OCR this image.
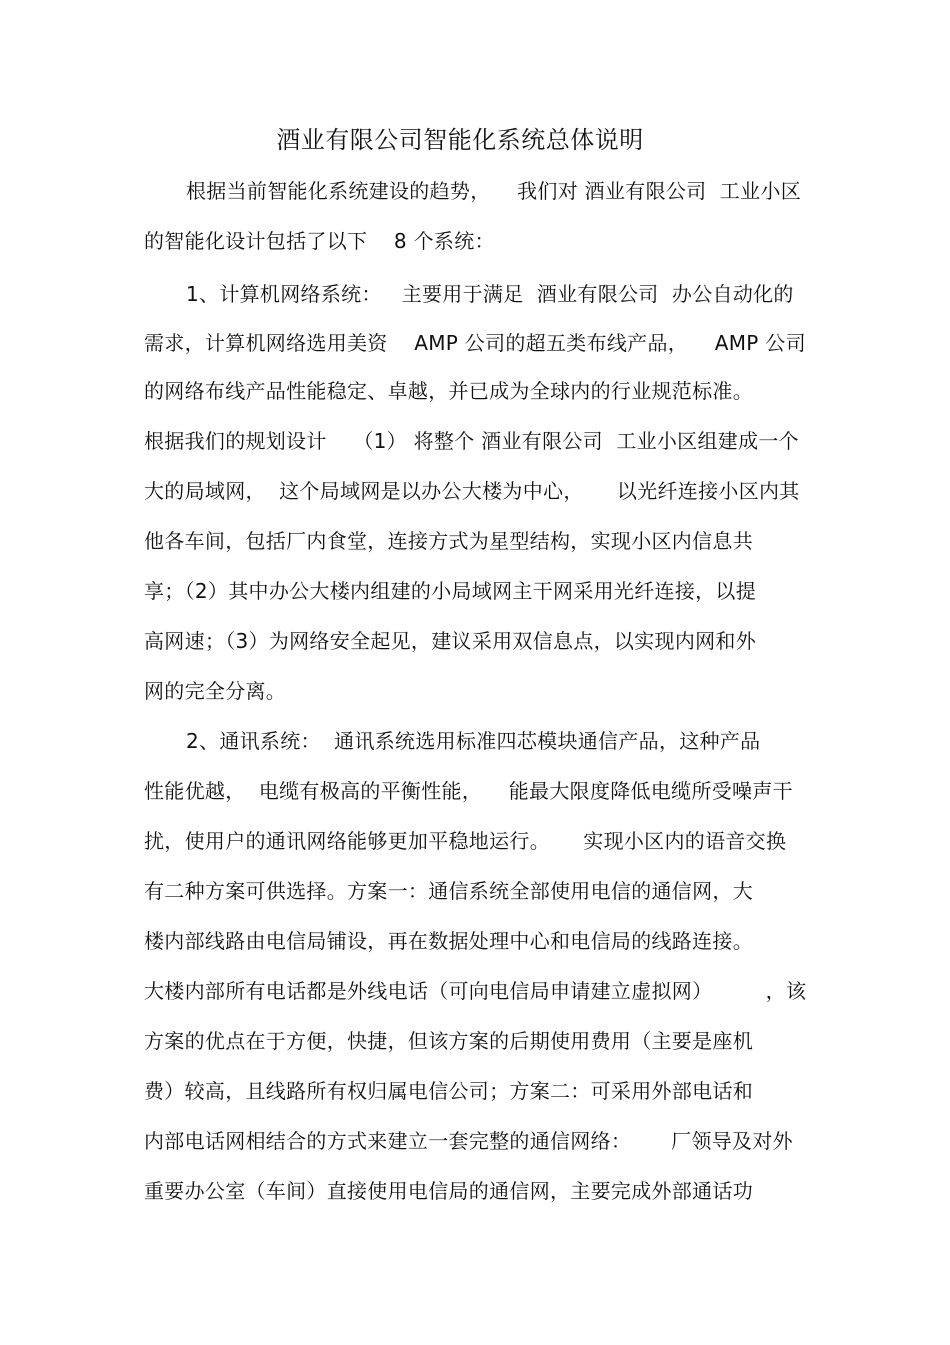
酒业有限公司智能化系统总体说明
根据当前智能化系统建设的趋势，    我们对 酒业有限公司  工业小区
的智能化设计包括了以下    8 个系统：
1、计算机网络系统：   主要用于满足  酒业有限公司  办公自动化的
需求，计算机网络选用美资    AMP 公司的超五类布线产品，    AMP 公司
的网络布线产品性能稳定、卓越，并已成为全球内的行业规范标准。
根据我们的规划设计    （1） 将整个 酒业有限公司  工业小区组建成一个
大的局域网，  这个局域网是以办公大楼为中心，     以光纤连接小区内其
他各车间，包括厂内食堂，连接方式为星型结构，实现小区内信息共
享；（2）其中办公大楼内组建的小局域网主干网采用光纤连接，以提
高网速；（3）为网络安全起见，建议采用双信息点，以实现内网和外
网的完全分离。
2、通讯系统：  通讯系统选用标准四芯模块通信产品，这种产品
性能优越，  电缆有极高的平衡性能，    能最大限度降低电缆所受噪声干
扰，使用户的通讯网络能够更加平稳地运行。     实现小区内的语音交换
有二种方案可供选择。方案一：通信系统全部使用电信的通信网，大
楼内部线路由电信局铺设，再在数据处理中心和电信局的线路连接。
大楼内部所有电话都是外线电话（可向电信局申请建立虚拟网）        ，该
方案的优点在于方便，快捷，但该方案的后期使用费用（主要是座机
费）较高，且线路所有权归属电信公司；方案二：可采用外部电话和
内部电话网相结合的方式来建立一套完整的通信网络：      厂领导及对外
重要办公室（车间）直接使用电信局的通信网，主要完成外部通话功
